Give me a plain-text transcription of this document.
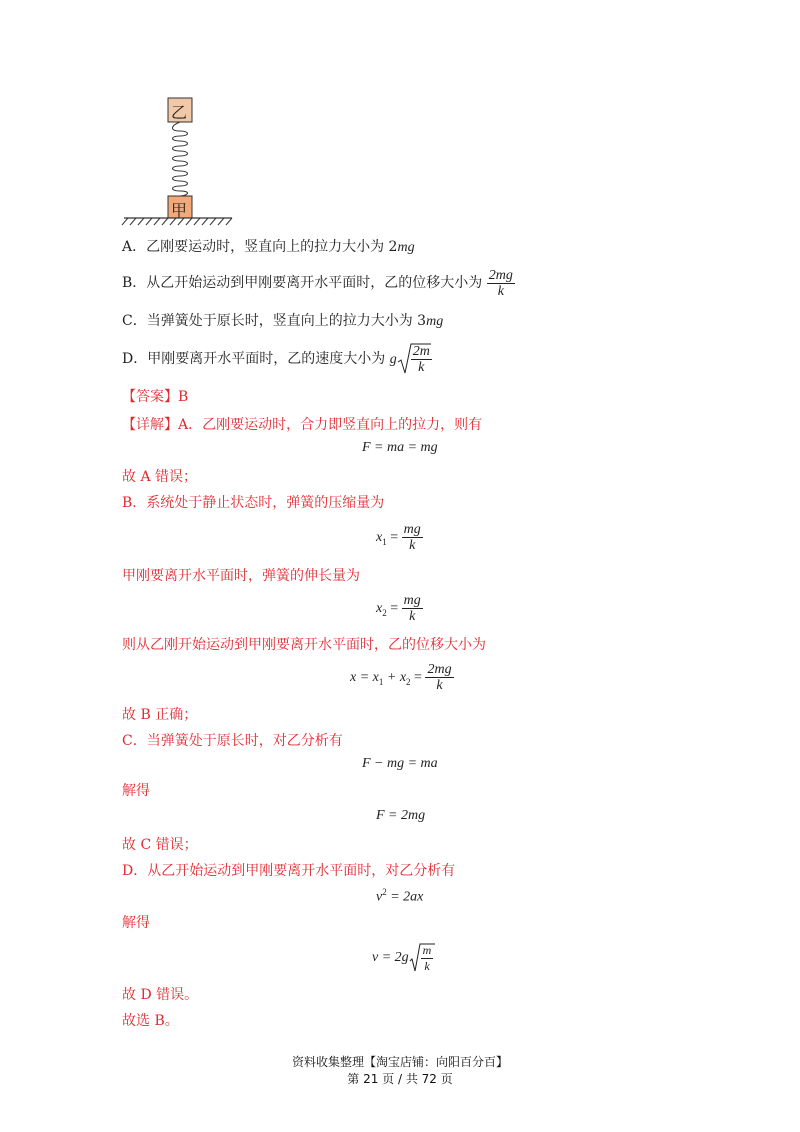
乙
甲
A．乙刚要运动时，竖直向上的拉力大小为 2mg
B．从乙开始运动到甲刚要离开水平面时，乙的位移大小为 $\frac{2mg}{k}$
C．当弹簧处于原长时，竖直向上的拉力大小为 3mg
D．甲刚要离开水平面时，乙的速度大小为 g $\frac{2m}{k}$
【答案】B
【详解】A．乙刚要运动时，合力即竖直向上的拉力，则有
F = ma = mg
故 A 错误；
B．系统处于静止状态时，弹簧的压缩量为
$x_1 = \frac{mg}{k}$
甲刚要离开水平面时，弹簧的伸长量为
$x_2 = \frac{mg}{k}$
则从乙刚开始运动到甲刚要离开水平面时，乙的位移大小为
$x = x_1 + x_2 = \frac{2mg}{k}$
故 B 正确；
C．当弹簧处于原长时，对乙分析有
F − mg = ma
解得
F = 2mg
故 C 错误；
D．从乙开始运动到甲刚要离开水平面时，对乙分析有
$v^2 = 2ax$
解得
$v = 2g \frac{m}{k}$
故 D 错误。
故选 B。
资料收集整理【淘宝店铺：向阳百分百】
第 21 页 / 共 72 页
